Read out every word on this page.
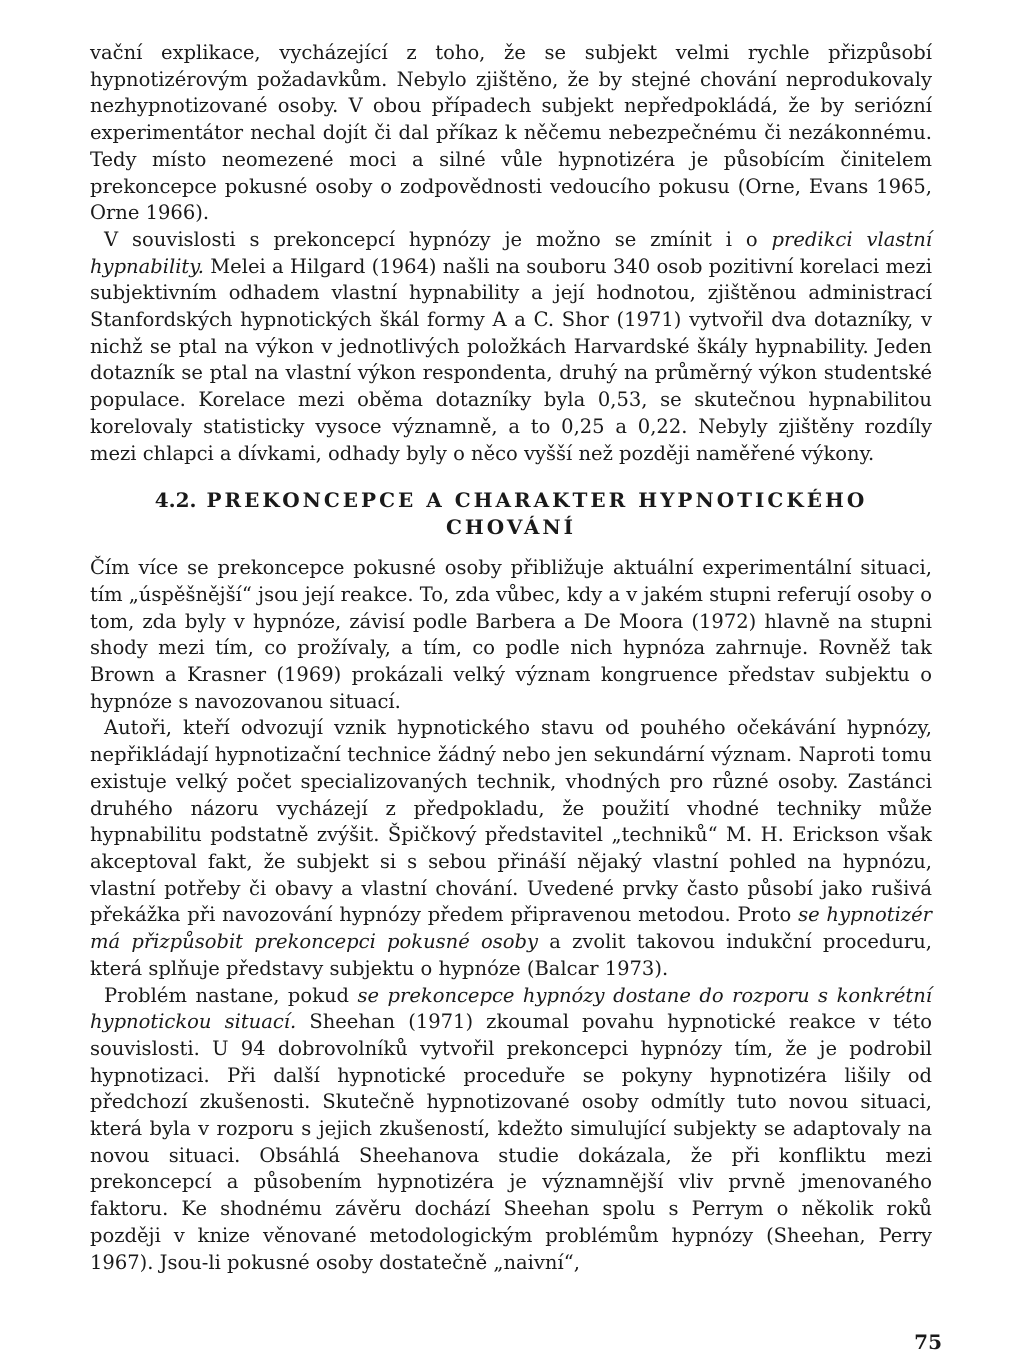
vační explikace, vycházející z toho, že se subjekt velmi rychle přizpůsobí hypnotizérovým požadavkům. Nebylo zjištěno, že by stejné chování neprodukovaly nezhypnotizované osoby. V obou případech subjekt nepředpokládá, že by seriózní experimentátor nechal dojít či dal příkaz k něčemu nebezpečnému či nezákonnému. Tedy místo neomezené moci a silné vůle hypnotizéra je působícím činitelem prekoncepce pokusné osoby o zodpovědnosti vedoucího pokusu (Orne, Evans 1965, Orne 1966).

V souvislosti s prekoncepcí hypnózy je možno se zmínit i o predikci vlastní hypnability. Melei a Hilgard (1964) našli na souboru 340 osob pozitivní korelaci mezi subjektivním odhadem vlastní hypnability a její hodnotou, zjištěnou administrací Stanfordských hypnotických škál formy A a C. Shor (1971) vytvořil dva dotazníky, v nichž se ptal na výkon v jednotlivých položkách Harvardské škály hypnability. Jeden dotazník se ptal na vlastní výkon respondenta, druhý na průměrný výkon studentské populace. Korelace mezi oběma dotazníky byla 0,53, se skutečnou hypnabilitou korelovaly statisticky vysoce významně, a to 0,25 a 0,22. Nebyly zjištěny rozdíly mezi chlapci a dívkami, odhady byly o něco vyšší než později naměřené výkony.

4.2. PREKONCEPCE A CHARAKTER HYPNOTICKÉHO CHOVÁNÍ

Čím více se prekoncepce pokusné osoby přibližuje aktuální experimentální situaci, tím „úspěšnější“ jsou její reakce. To, zda vůbec, kdy a v jakém stupni referují osoby o tom, zda byly v hypnóze, závisí podle Barbera a De Moora (1972) hlavně na stupni shody mezi tím, co prožívaly, a tím, co podle nich hypnóza zahrnuje. Rovněž tak Brown a Krasner (1969) prokázali velký význam kongruence představ subjektu o hypnóze s navozovanou situací.

Autoři, kteří odvozují vznik hypnotického stavu od pouhého očekávání hypnózy, nepřikládají hypnotizační technice žádný nebo jen sekundární význam. Naproti tomu existuje velký počet specializovaných technik, vhodných pro různé osoby. Zastánci druhého názoru vycházejí z předpokladu, že použití vhodné techniky může hypnabilitu podstatně zvýšit. Špičkový představitel „techniků“ M. H. Erickson však akceptoval fakt, že subjekt si s sebou přináší nějaký vlastní pohled na hypnózu, vlastní potřeby či obavy a vlastní chování. Uvedené prvky často působí jako rušivá překážka při navozování hypnózy předem připravenou metodou. Proto se hypnotizér má přizpůsobit prekoncepci pokusné osoby a zvolit takovou indukční proceduru, která splňuje představy subjektu o hypnóze (Balcar 1973).

Problém nastane, pokud se prekoncepce hypnózy dostane do rozporu s konkrétní hypnotickou situací. Sheehan (1971) zkoumal povahu hypnotické reakce v této souvislosti. U 94 dobrovolníků vytvořil prekoncepci hypnózy tím, že je podrobil hypnotizaci. Při další hypnotické proceduře se pokyny hypnotizéra lišily od předchozí zkušenosti. Skutečně hypnotizované osoby odmítly tuto novou situaci, která byla v rozporu s jejich zkušeností, kdežto simulující subjekty se adaptovaly na novou situaci. Obsáhlá Sheehanova studie dokázala, že při konfliktu mezi prekoncepcí a působením hypnotizéra je významnější vliv prvně jmenovaného faktoru. Ke shodnému závěru dochází Sheehan spolu s Perrym o několik roků později v knize věnované metodologickým problémům hypnózy (Sheehan, Perry 1967). Jsou-li pokusné osoby dostatečně „naivní“,

75
